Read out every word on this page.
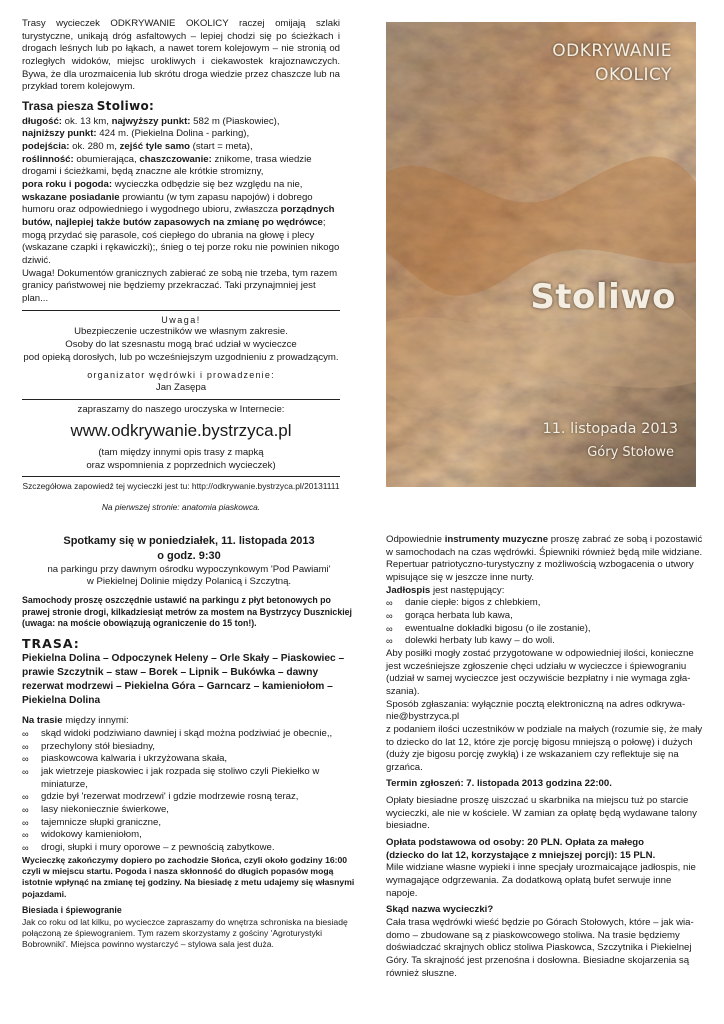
Trasy wycieczek ODKRYWANIE OKOLICY raczej omijają szlaki turystyczne, unikają dróg asfaltowych – lepiej chodzi się po ścieżkach i drogach leśnych lub po łąkach, a nawet torem kolejowym – nie stronią od rozległych widoków, miejsc urokliwych i ciekawostek krajoznawczych. Bywa, że dla urozmaicenia lub skrótu droga wiedzie przez chaszcze lub na przykład torem kolejowym.

Trasa piesza Stoliwo:

długość: ok. 13 km, najwyższy punkt: 582 m (Piaskowiec),

najniższy punkt: 424 m. (Piekielna Dolina - parking),

podejścia: ok. 280 m, zejść tyle samo (start = meta),

roślinność: obumierająca, chaszczowanie: znikome, trasa wiedzie drogami i ścieżkami, będą znaczne ale krótkie stromizny,

pora roku i pogoda: wycieczka odbędzie się bez względu na nie,

wskazane posiadanie prowiantu (w tym zapasu napojów) i dobrego humoru oraz odpowiedniego i wygodnego ubioru, zwłaszcza porządnych butów, najlepiej także butów zapasowych na zmianę po wędrówce; mogą przydać się parasole, coś ciepłego do ubrania na głowę i plecy (wskazane czapki i rękawiczki);, śnieg o tej porze roku nie powinien nikogo dziwić.

Uwaga! Dokumentów granicznych zabierać ze sobą nie trzeba, tym razem granicy państwowej nie będziemy przekraczać. Taki przynajmniej jest plan...

Uwaga!

Ubezpieczenie uczestników we własnym zakresie.

Osoby do lat szesnastu mogą brać udział w wycieczce

pod opieką dorosłych, lub po wcześniejszym uzgodnieniu z prowadzącym.

organizator wędrówki i prowadzenie:

Jan Zasępa

zapraszamy do naszego uroczyska w Internecie:

www.odkrywanie.bystrzyca.pl

(tam między innymi opis trasy z mapką

oraz wspomnienia z poprzednich wycieczek)

Szczegółowa zapowiedź tej wycieczki jest tu: http://odkrywanie.bystrzyca.pl/20131111

Na pierwszej stronie: anatomia piaskowca.

ODKRYWANIE
OKOLICY
Stoliwo
11. listopada 2013
Góry Stołowe

Spotkamy się w poniedziałek, 11. listopada 2013

o godz. 9:30

na parkingu przy dawnym ośrodku wypoczynkowym 'Pod Pawiami'

w Piekielnej Dolinie między Polanicą i Szczytną.

Samochody proszę oszczędnie ustawić na parkingu z płyt betonowych po prawej stronie drogi, kilkadziesiąt metrów za mostem na Bystrzycy Dusznickiej (uwaga: na moście obowiązują ograniczenie do 15 ton!).

TRASA:

Piekielna Dolina – Odpoczynek Heleny – Orle Skały – Piaskowiec – prawie Szczytnik – staw – Borek – Lipnik – Bukówka – dawny rezerwat modrzewi – Piekielna Góra – Garncarz – kamieniołom – Piekielna Dolina

Na trasie między innymi:

∞ skąd widoki podziwiano dawniej i skąd można podziwiać je obecnie,,
∞ przechylony stół biesiadny,
∞ piaskowcowa kalwaria i ukrzyżowana skała,
∞ jak wietrzeje piaskowiec i jak rozpada się stoliwo czyli Piekiełko w miniaturze,
∞ gdzie był 'rezerwat modrzewi' i gdzie modrzewie rosną teraz,
∞ lasy niekoniecznie świerkowe,
∞ tajemnicze słupki graniczne,
∞ widokowy kamieniołom,
∞ drogi, słupki i mury oporowe – z pewnością zabytkowe.

Wycieczkę zakończymy dopiero po zachodzie Słońca, czyli około godziny 16:00 czyli w miejscu startu. Pogoda i nasza skłonność do długich popasów mogą istotnie wpłynąć na zmianę tej godziny. Na biesiadę z metu udajemy się własnymi pojazdami.

Biesiada i śpiewogranie

Jak co roku od lat kilku, po wycieczce zapraszamy do wnętrza schroniska na biesiadę połączoną ze śpiewograniem. Tym razem skorzystamy z gościny 'Agroturystyki Bobrowniki'. Miejsca powinno wystarczyć – stylowa sala jest duża.

Odpowiednie instrumenty muzyczne proszę zabrać ze sobą i pozostawić w samochodach na czas wędrówki. Śpiewniki również będą mile widziane. Repertuar patriotyczno-turystyczny z możliwością wzbogacenia o utwory wpisujące się w jeszcze inne nurty.

Jadłospis jest następujący:

∞ danie ciepłe: bigos z chlebkiem,
∞ gorąca herbata lub kawa,
∞ ewentualne dokładki bigosu (o ile zostanie),
∞ dolewki herbaty lub kawy – do woli.

Aby posiłki mogły zostać przygotowane w odpowiedniej ilości, konieczne jest wcześniejsze zgłoszenie chęci udziału w wycieczce i śpiewograniu (udział w samej wycieczce jest oczywiście bezpłatny i nie wymaga zgłaszania).

Sposób zgłaszania: wyłącznie pocztą elektroniczną na adres odkrywanie@bystrzyca.pl

z podaniem ilości uczestników w podziale na małych (rozumie się, że mały to dziecko do lat 12, które zje porcję bigosu mniejszą o połowę) i dużych (duży zje bigosu porcję zwykłą) i ze wskazaniem czy reflektuje się na grzańca.

Termin zgłoszeń: 7. listopada 2013 godzina 22:00.

Opłaty biesiadne proszę uiszczać u skarbnika na miejscu tuż po starcie wycieczki, ale nie w kościele. W zamian za opłatę będą wydawane talony biesiadne.

Opłata podstawowa od osoby: 20 PLN. Opłata za małego

(dziecko do lat 12, korzystające z mniejszej porcji): 15 PLN.

Mile widziane własne wypieki i inne specjały urozmaicające jadłospis, nie wymagające odgrzewania. Za dodatkową opłatą bufet serwuje inne napoje.

Skąd nazwa wycieczki?

Cała trasa wędrówki wieść będzie po Górach Stołowych, które – jak wiadomo – zbudowane są z piaskowcowego stoliwa. Na trasie będziemy doświadczać skrajnych oblicz stoliwa Piaskowca, Szczytnika i Piekielnej Góry. Ta skrajność jest przenośna i dosłowna. Biesiadne skojarzenia są również słuszne.
